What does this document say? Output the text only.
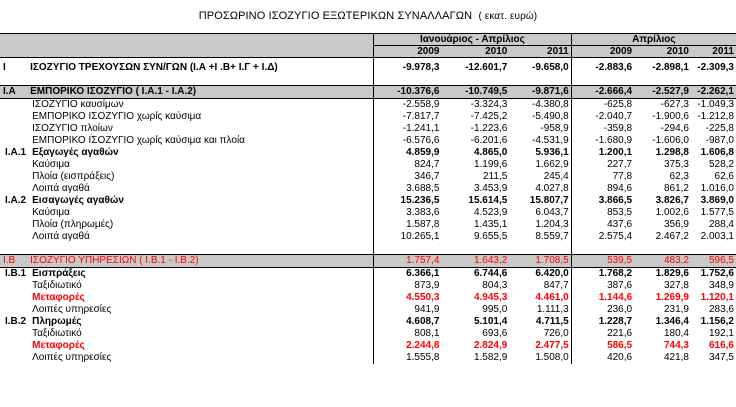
ΠΡΟΣΩΡΙΝΟ ΙΣΟΖΥΓΙΟ ΕΞΩΤΕΡΙΚΩΝ ΣΥΝΑΛΛΑΓΩΝ ( εκατ. ευρώ)
		Ιανουάριος - Απρίλιος			Απρίλιος		
		2009	2010	2011	2009	2010	2011

I	ΙΣΟΖΥΓΙΟ ΤΡΕΧΟΥΣΩΝ ΣΥΝ/ΓΩΝ (Ι.Α +Ι .Β+ Ι.Γ + Ι.Δ)	-9.978,3	-12.601,7	-9.658,0	-2.883,6	-2.898,1	-2.309,3

I.A	ΕΜΠΟΡΙΚΟ ΙΣΟΖΥΓΙΟ ( Ι.Α.1 - Ι.Α.2)	-10.376,6	-10.749,5	-9.871,6	-2.666,4	-2.527,9	-2.262,1
	ΙΣΟΖΥΓΙΟ καυσίμων	-2.558,9	-3.324,3	-4.380,8	-625,8	-627,3	-1.049,3
	ΕΜΠΟΡΙΚΟ ΙΣΟΖΥΓΙΟ χωρίς καύσιμα	-7.817,7	-7.425,2	-5.490,8	-2.040,7	-1.900,6	-1.212,8
	ΙΣΟΖΥΓΙΟ πλοίων	-1.241,1	-1.223,6	-958,9	-359,8	-294,6	-225,8
	ΕΜΠΟΡΙΚΟ ΙΣΟΖΥΓΙΟ χωρίς καύσιμα και πλοία	-6.576,6	-6.201,6	-4.531,9	-1.680,9	-1.606,0	-987,0
I.A.1	Εξαγωγές αγαθών	4.859,9	4.865,0	5.936,1	1.200,1	1.298,8	1.606,8
	Καύσιμα	824,7	1.199,6	1.662,9	227,7	375,3	528,2
	Πλοία (εισπράξεις)	346,7	211,5	245,4	77,8	62,3	62,6
	Λοιπά αγαθά	3.688,5	3.453,9	4.027,8	894,6	861,2	1.016,0
I.A.2	Εισαγωγές αγαθών	15.236,5	15.614,5	15.807,7	3.866,5	3.826,7	3.869,0
	Καύσιμα	3.383,6	4.523,9	6.043,7	853,5	1.002,6	1.577,5
	Πλοία (πληρωμές)	1.587,8	1.435,1	1.204,3	437,6	356,9	288,4
	Λοιπά αγαθά	10.265,1	9.655,5	8.559,7	2.575,4	2.467,2	2.003,1

I.B	ΙΣΟΖΥΓΙΟ ΥΠΗΡΕΣΙΩΝ ( Ι.Β.1 - Ι.Β.2)	1.757,4	1.643,2	1.708,5	539,5	483,2	596,5
I.B.1	Εισπράξεις	6.366,1	6.744,6	6.420,0	1.768,2	1.829,6	1.752,6
	Ταξιδιωτικό	873,9	804,3	847,7	387,6	327,8	348,9
	Μεταφορές	4.550,3	4.945,3	4.461,0	1.144,6	1.269,9	1.120,1
	Λοιπές υπηρεσίες	941,9	995,0	1.111,3	236,0	231,9	283,6
I.B.2	Πληρωμές	4.608,7	5.101,4	4.711,5	1.228,7	1.346,4	1.156,2
	Ταξιδιωτικό	808,1	693,6	726,0	221,6	180,4	192,1
	Μεταφορές	2.244,8	2.824,9	2.477,5	586,5	744,3	616,6
	Λοιπές υπηρεσίες	1.555,8	1.582,9	1.508,0	420,6	421,8	347,5
